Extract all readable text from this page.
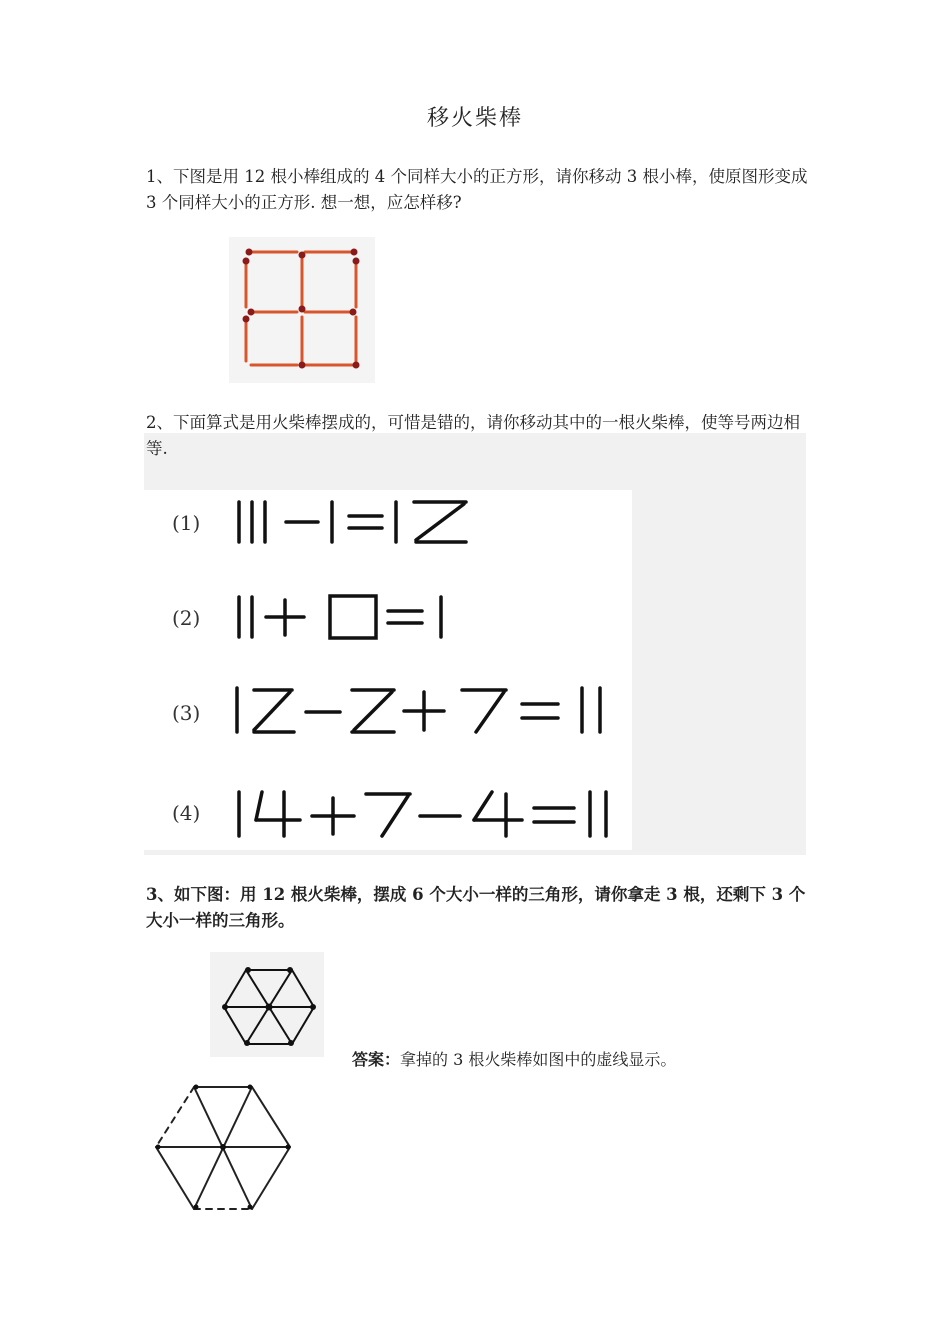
移火柴棒

1、下图是用 12 根小棒组成的 4 个同样大小的正方形，请你移动 3 根小棒，使原图形变成 3 个同样大小的正方形. 想一想，应怎样移?

2、下面算式是用火柴棒摆成的，可惜是错的，请你移动其中的一根火柴棒，使等号两边相等.

(1)
(2)
(3)
(4)

3、如下图：用 12 根火柴棒，摆成 6 个大小一样的三角形，请你拿走 3 根，还剩下 3 个大小一样的三角形。

答案：拿掉的 3 根火柴棒如图中的虚线显示。
